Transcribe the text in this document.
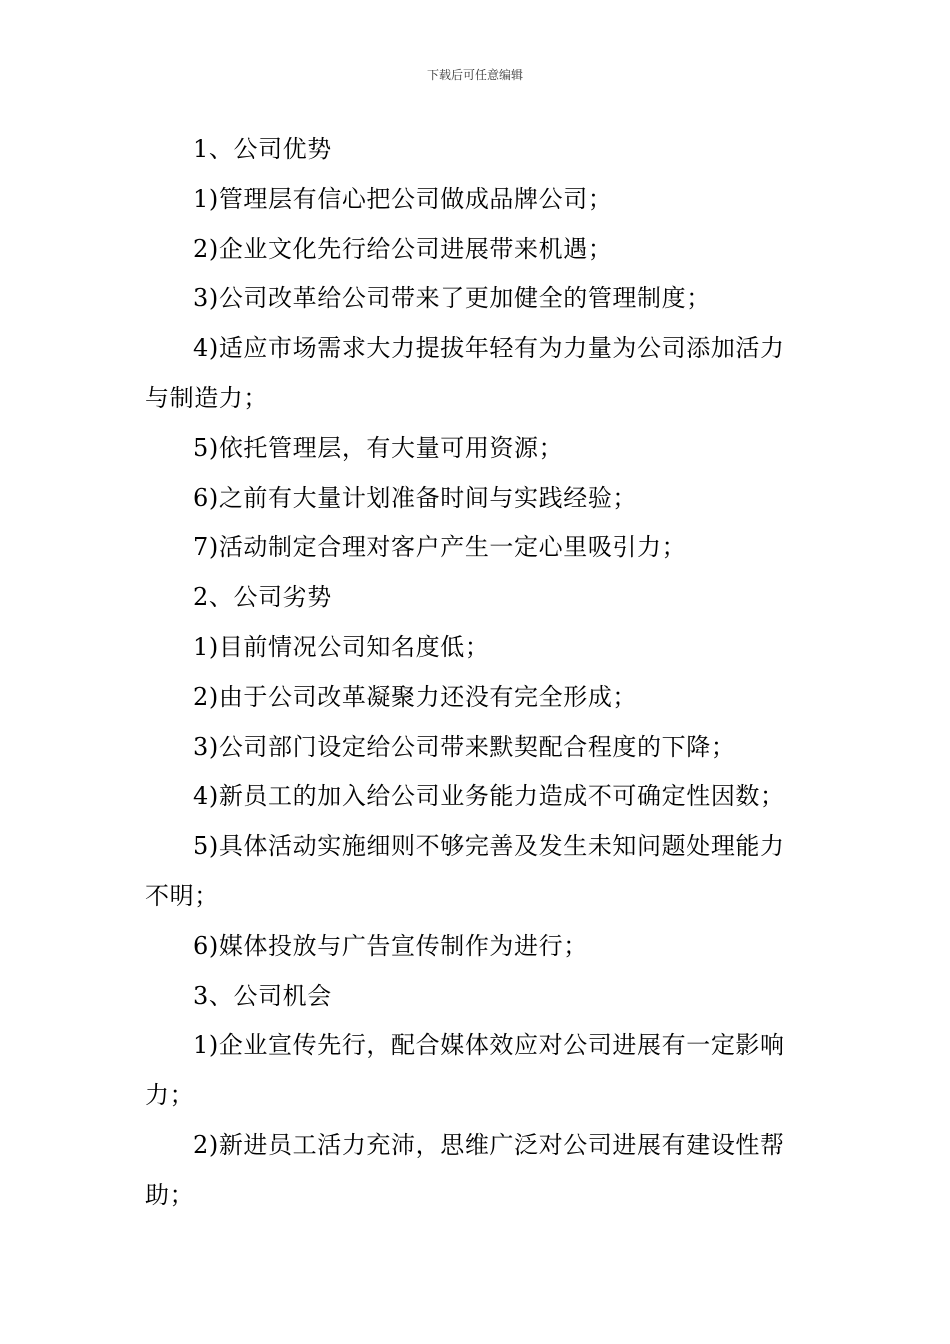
下载后可任意编辑

1、公司优势

1)管理层有信心把公司做成品牌公司；

2)企业文化先行给公司进展带来机遇；

3)公司改革给公司带来了更加健全的管理制度；

4)适应市场需求大力提拔年轻有为力量为公司添加活力与制造力；

5)依托管理层，有大量可用资源；

6)之前有大量计划准备时间与实践经验；

7)活动制定合理对客户产生一定心里吸引力；

2、公司劣势

1)目前情况公司知名度低；

2)由于公司改革凝聚力还没有完全形成；

3)公司部门设定给公司带来默契配合程度的下降；

4)新员工的加入给公司业务能力造成不可确定性因数；

5)具体活动实施细则不够完善及发生未知问题处理能力不明；

6)媒体投放与广告宣传制作为进行；

3、公司机会

1)企业宣传先行，配合媒体效应对公司进展有一定影响力；

2)新进员工活力充沛，思维广泛对公司进展有建设性帮助；
